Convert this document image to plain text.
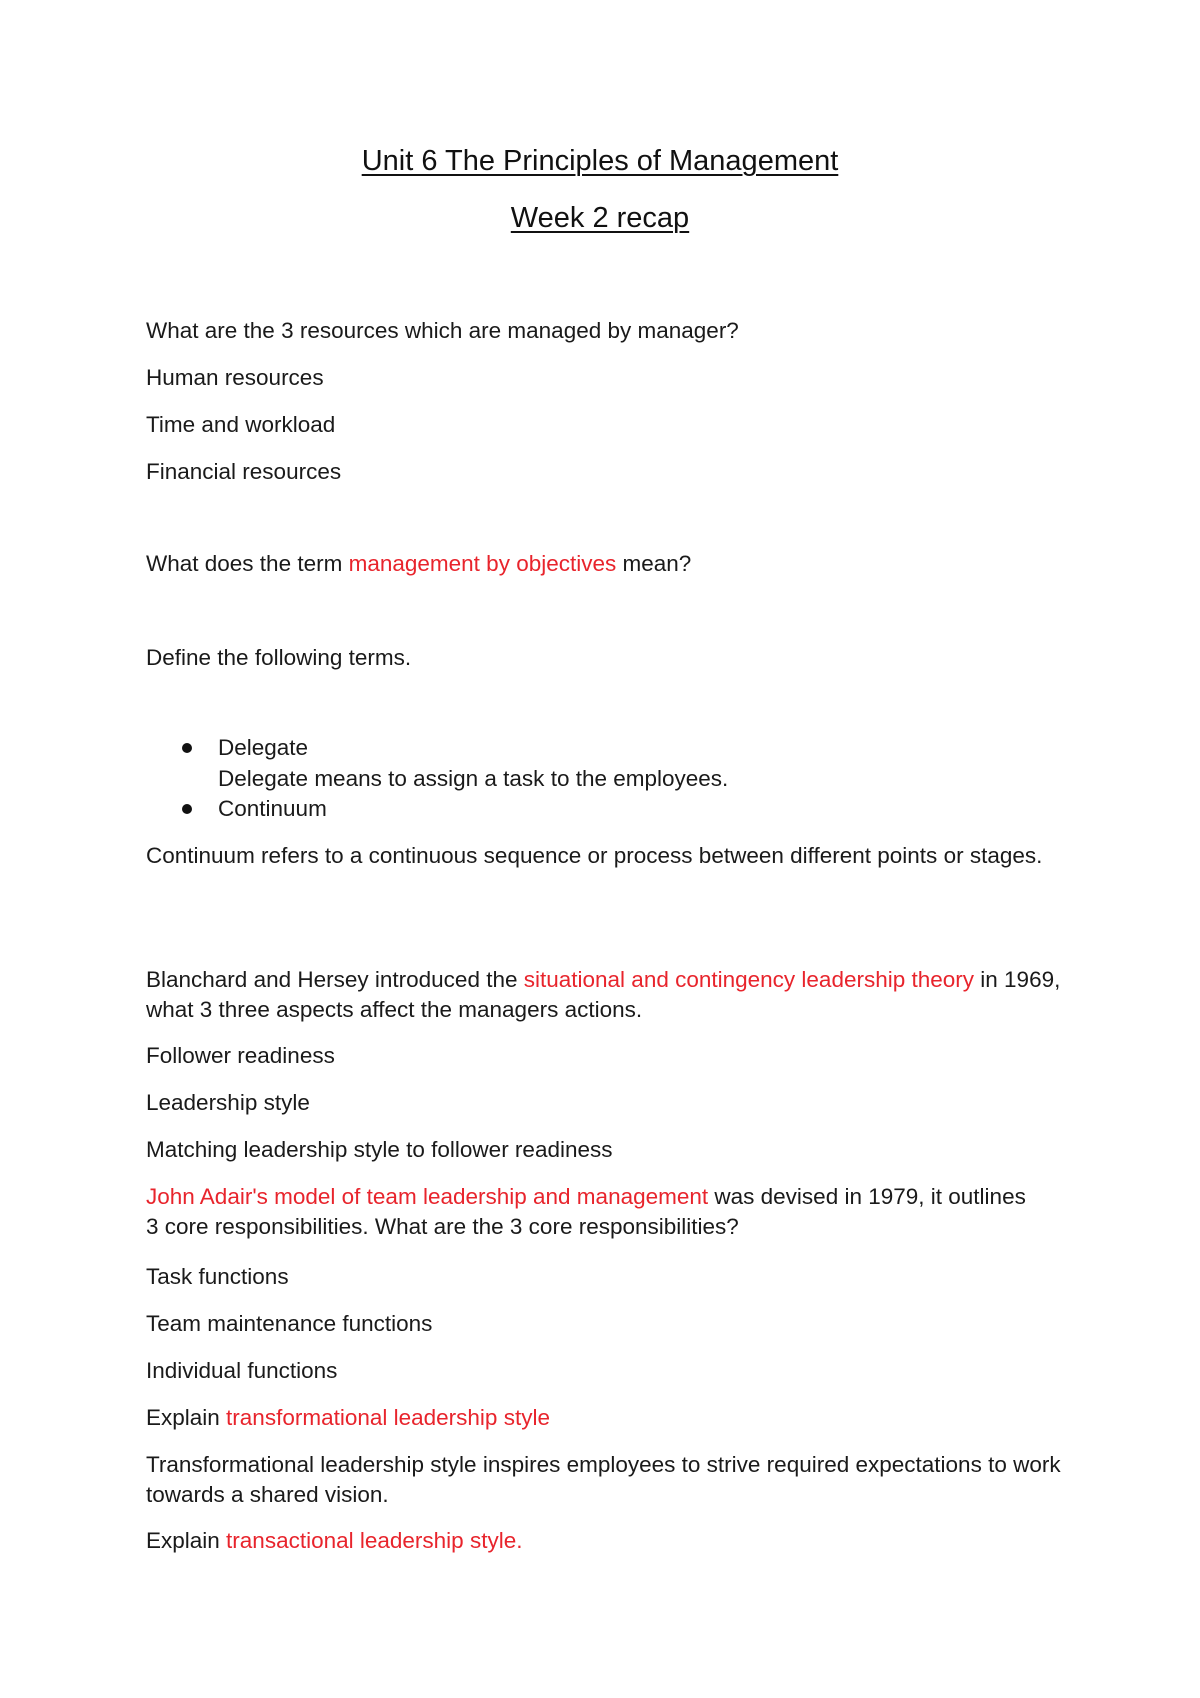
Unit 6 The Principles of Management
Week 2 recap

What are the 3 resources which are managed by manager?

Human resources

Time and workload

Financial resources

What does the term management by objectives mean?

Define the following terms.

Delegate

Delegate means to assign a task to the employees.

Continuum

Continuum refers to a continuous sequence or process between different points or stages.

Blanchard and Hersey introduced the situational and contingency leadership theory in 1969, what 3 three aspects affect the managers actions.

Follower readiness

Leadership style

Matching leadership style to follower readiness

John Adair's model of team leadership and management was devised in 1979, it outlines 3 core responsibilities. What are the 3 core responsibilities?

Task functions

Team maintenance functions

Individual functions

Explain transformational leadership style

Transformational leadership style inspires employees to strive required expectations to work towards a shared vision.

Explain transactional leadership style.
